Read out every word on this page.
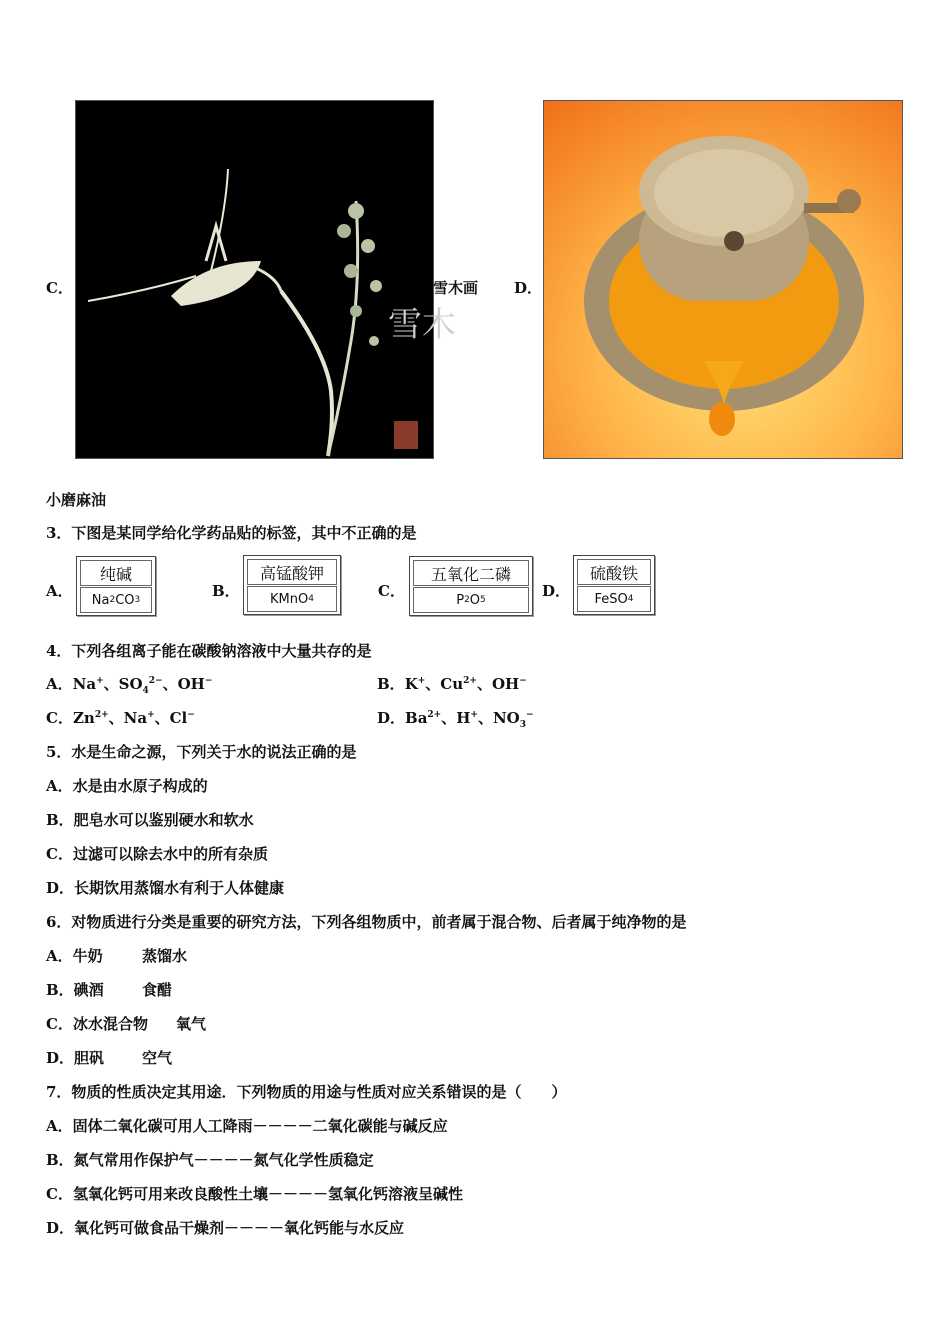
C．
雪木
雪木画 D．
小磨麻油
3．下图是某同学给化学药品贴的标签，其中不正确的是
A．
纯碱
Na 2 CO 3	B．
高锰酸钾
KMnO 4	C．
五氧化二磷
P 2 O 5	D．
硫酸铁
FeSO 4
4．下列各组离子能在碳酸钠溶液中大量共存的是
A．Na+、$SO_4^{2-}$、OH−	B．K+、$Cu^{2+}$、OH−
C．$Zn^{2+}$、Na+、Cl−	D．$Ba^{2+}$、H+、$NO_3^-$
5．水是生命之源，下列关于水的说法正确的是
A．水是由水原子构成的
B．肥皂水可以鉴别硬水和软水
C．过滤可以除去水中的所有杂质
D．长期饮用蒸馏水有利于人体健康
6．对物质进行分类是重要的研究方法，下列各组物质中，前者属于混合物、后者属于纯净物的是
A．牛奶	蒸馏水
B．碘酒	食醋
C．冰水混合物 氧气
D．胆矾	空气
7．物质的性质决定其用途．下列物质的用途与性质对应关系错误的是（　　）
A．固体二氧化碳可用人工降雨－－－－二氧化碳能与碱反应
B．氮气常用作保护气－－－－氮气化学性质稳定
C．氢氧化钙可用来改良酸性土壤－－－－氢氧化钙溶液呈碱性
D．氧化钙可做食品干燥剂－－－－氧化钙能与水反应
